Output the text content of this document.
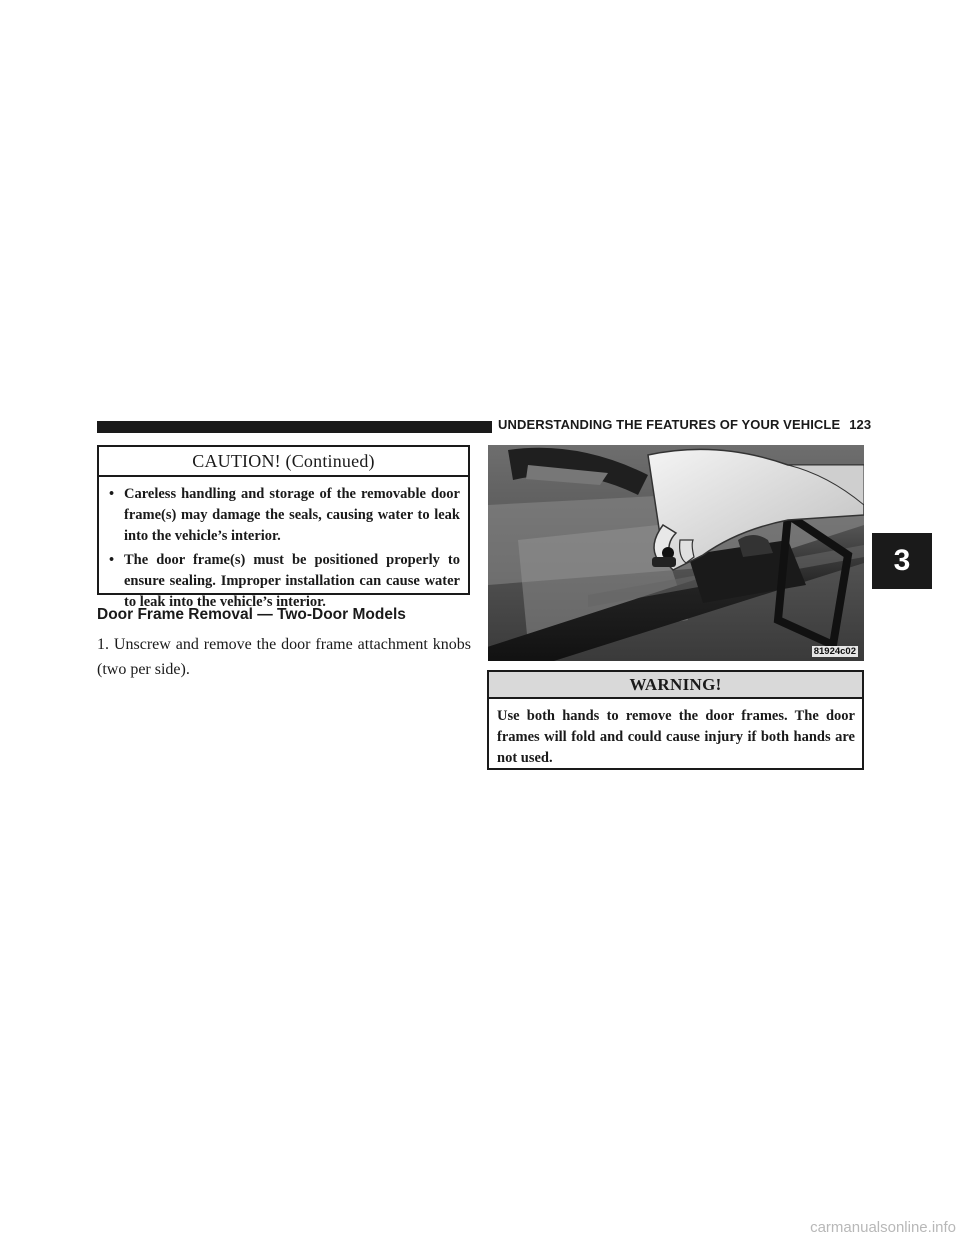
UNDERSTANDING THE FEATURES OF YOUR VEHICLE 123
3
CAUTION! (Continued)
• Careless handling and storage of the removable door frame(s) may damage the seals, causing water to leak into the vehicle’s interior.
• The door frame(s) must be positioned properly to ensure sealing. Improper installation can cause water to leak into the vehicle’s interior.
Door Frame Removal — Two-Door Models
1. Unscrew and remove the door frame attachment knobs (two per side).
81924c02
WARNING!

Use both hands to remove the door frames. The door frames will fold and could cause injury if both hands are not used.

carmanualsonline.info
